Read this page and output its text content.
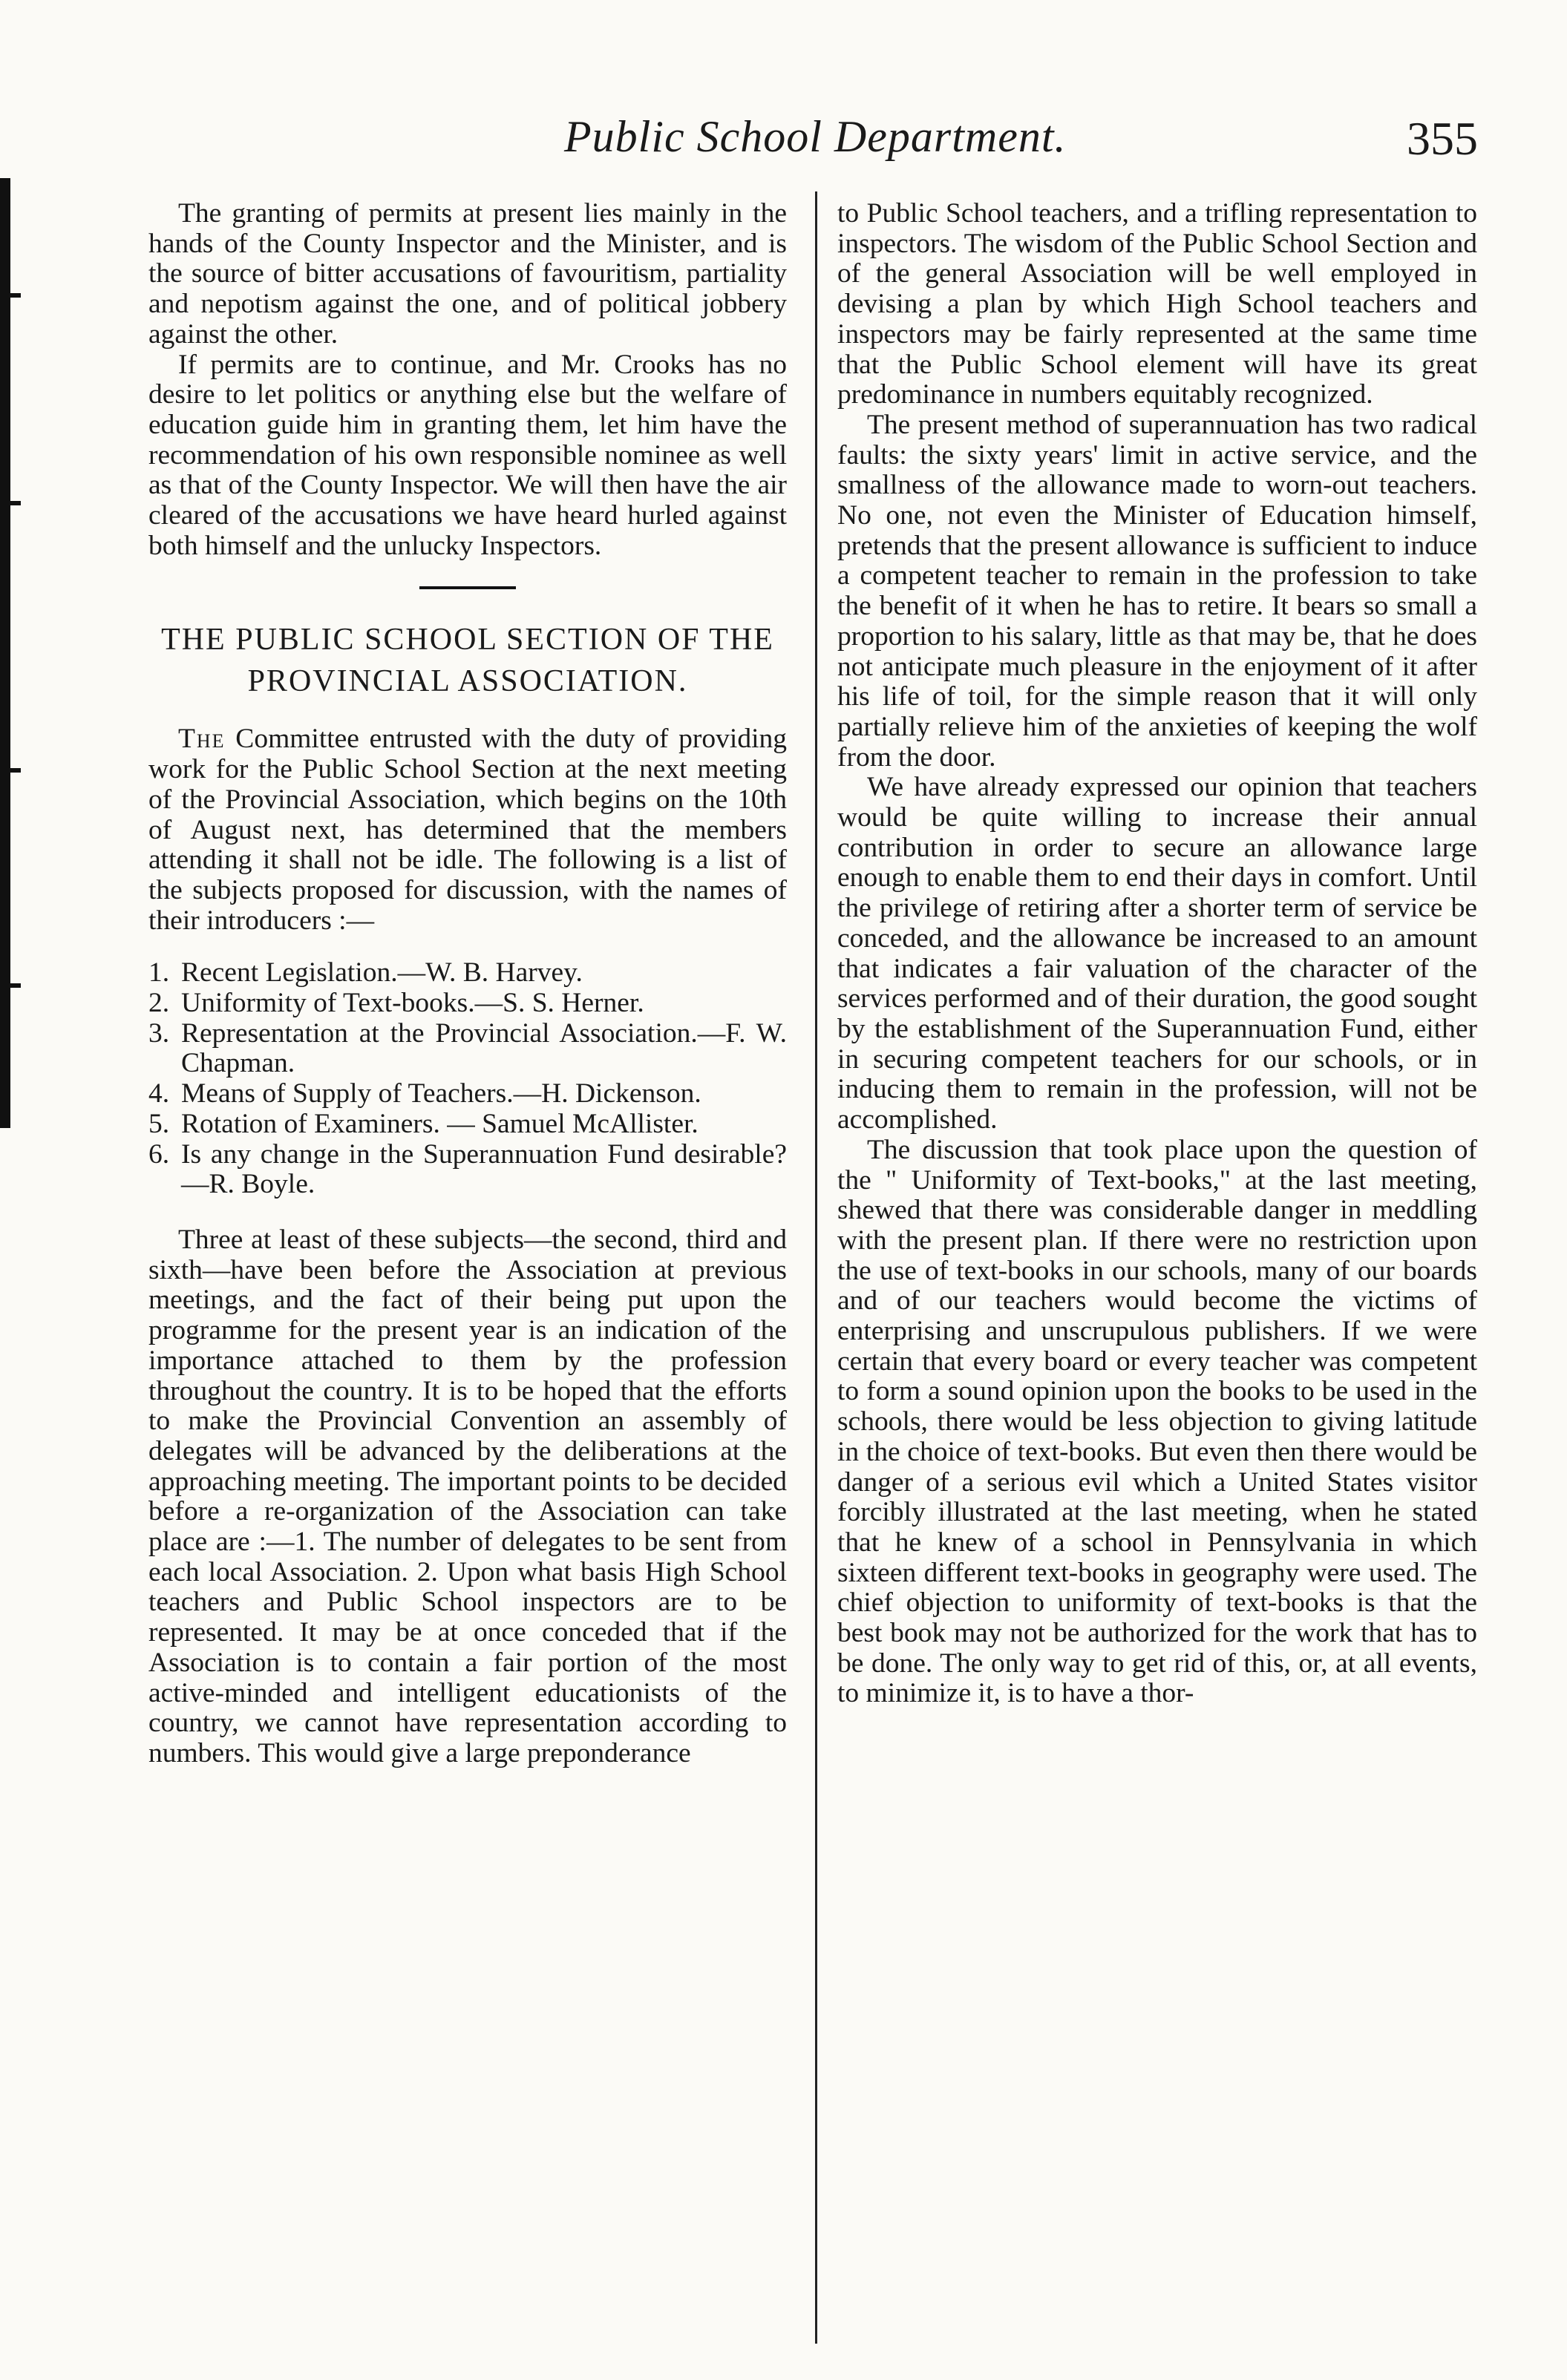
Public School Department.	355

The granting of permits at present lies mainly in the hands of the County Inspector and the Minister, and is the source of bitter accusations of favouritism, partiality and nepotism against the one, and of political jobbery against the other.

If permits are to continue, and Mr. Crooks has no desire to let politics or anything else but the welfare of education guide him in granting them, let him have the recommendation of his own responsible nominee as well as that of the County Inspector. We will then have the air cleared of the accusations we have heard hurled against both himself and the unlucky Inspectors.

THE PUBLIC SCHOOL SECTION OF THE PROVINCIAL ASSOCIATION.

The Committee entrusted with the duty of providing work for the Public School Section at the next meeting of the Provincial Association, which begins on the 10th of August next, has determined that the members attending it shall not be idle. The following is a list of the subjects proposed for discussion, with the names of their introducers :—

1. Recent Legislation.—W. B. Harvey.
2. Uniformity of Text-books.—S. S. Herner.
3. Representation at the Provincial Association.—F. W. Chapman.
4. Means of Supply of Teachers.—H. Dickenson.
5. Rotation of Examiners. — Samuel McAllister.
6. Is any change in the Superannuation Fund desirable?—R. Boyle.

Three at least of these subjects—the second, third and sixth—have been before the Association at previous meetings, and the fact of their being put upon the programme for the present year is an indication of the importance attached to them by the profession throughout the country. It is to be hoped that the efforts to make the Provincial Convention an assembly of delegates will be advanced by the deliberations at the approaching meeting. The important points to be decided before a re-organization of the Association can take place are :—1. The number of delegates to be sent from each local Association. 2. Upon what basis High School teachers and Public School inspectors are to be represented. It may be at once conceded that if the Association is to contain a fair portion of the most active-minded and intelligent educationists of the country, we cannot have representation according to numbers. This would give a large preponderance

to Public School teachers, and a trifling representation to inspectors. The wisdom of the Public School Section and of the general Association will be well employed in devising a plan by which High School teachers and inspectors may be fairly represented at the same time that the Public School element will have its great predominance in numbers equitably recognized.

The present method of superannuation has two radical faults: the sixty years' limit in active service, and the smallness of the allowance made to worn-out teachers. No one, not even the Minister of Education himself, pretends that the present allowance is sufficient to induce a competent teacher to remain in the profession to take the benefit of it when he has to retire. It bears so small a proportion to his salary, little as that may be, that he does not anticipate much pleasure in the enjoyment of it after his life of toil, for the simple reason that it will only partially relieve him of the anxieties of keeping the wolf from the door.

We have already expressed our opinion that teachers would be quite willing to increase their annual contribution in order to secure an allowance large enough to enable them to end their days in comfort. Until the privilege of retiring after a shorter term of service be conceded, and the allowance be increased to an amount that indicates a fair valuation of the character of the services performed and of their duration, the good sought by the establishment of the Superannuation Fund, either in securing competent teachers for our schools, or in inducing them to remain in the profession, will not be accomplished.

The discussion that took place upon the question of the " Uniformity of Text-books," at the last meeting, shewed that there was considerable danger in meddling with the present plan. If there were no restriction upon the use of text-books in our schools, many of our boards and of our teachers would become the victims of enterprising and unscrupulous publishers. If we were certain that every board or every teacher was competent to form a sound opinion upon the books to be used in the schools, there would be less objection to giving latitude in the choice of text-books. But even then there would be danger of a serious evil which a United States visitor forcibly illustrated at the last meeting, when he stated that he knew of a school in Pennsylvania in which sixteen different text-books in geography were used. The chief objection to uniformity of text-books is that the best book may not be authorized for the work that has to be done. The only way to get rid of this, or, at all events, to minimize it, is to have a thor-
